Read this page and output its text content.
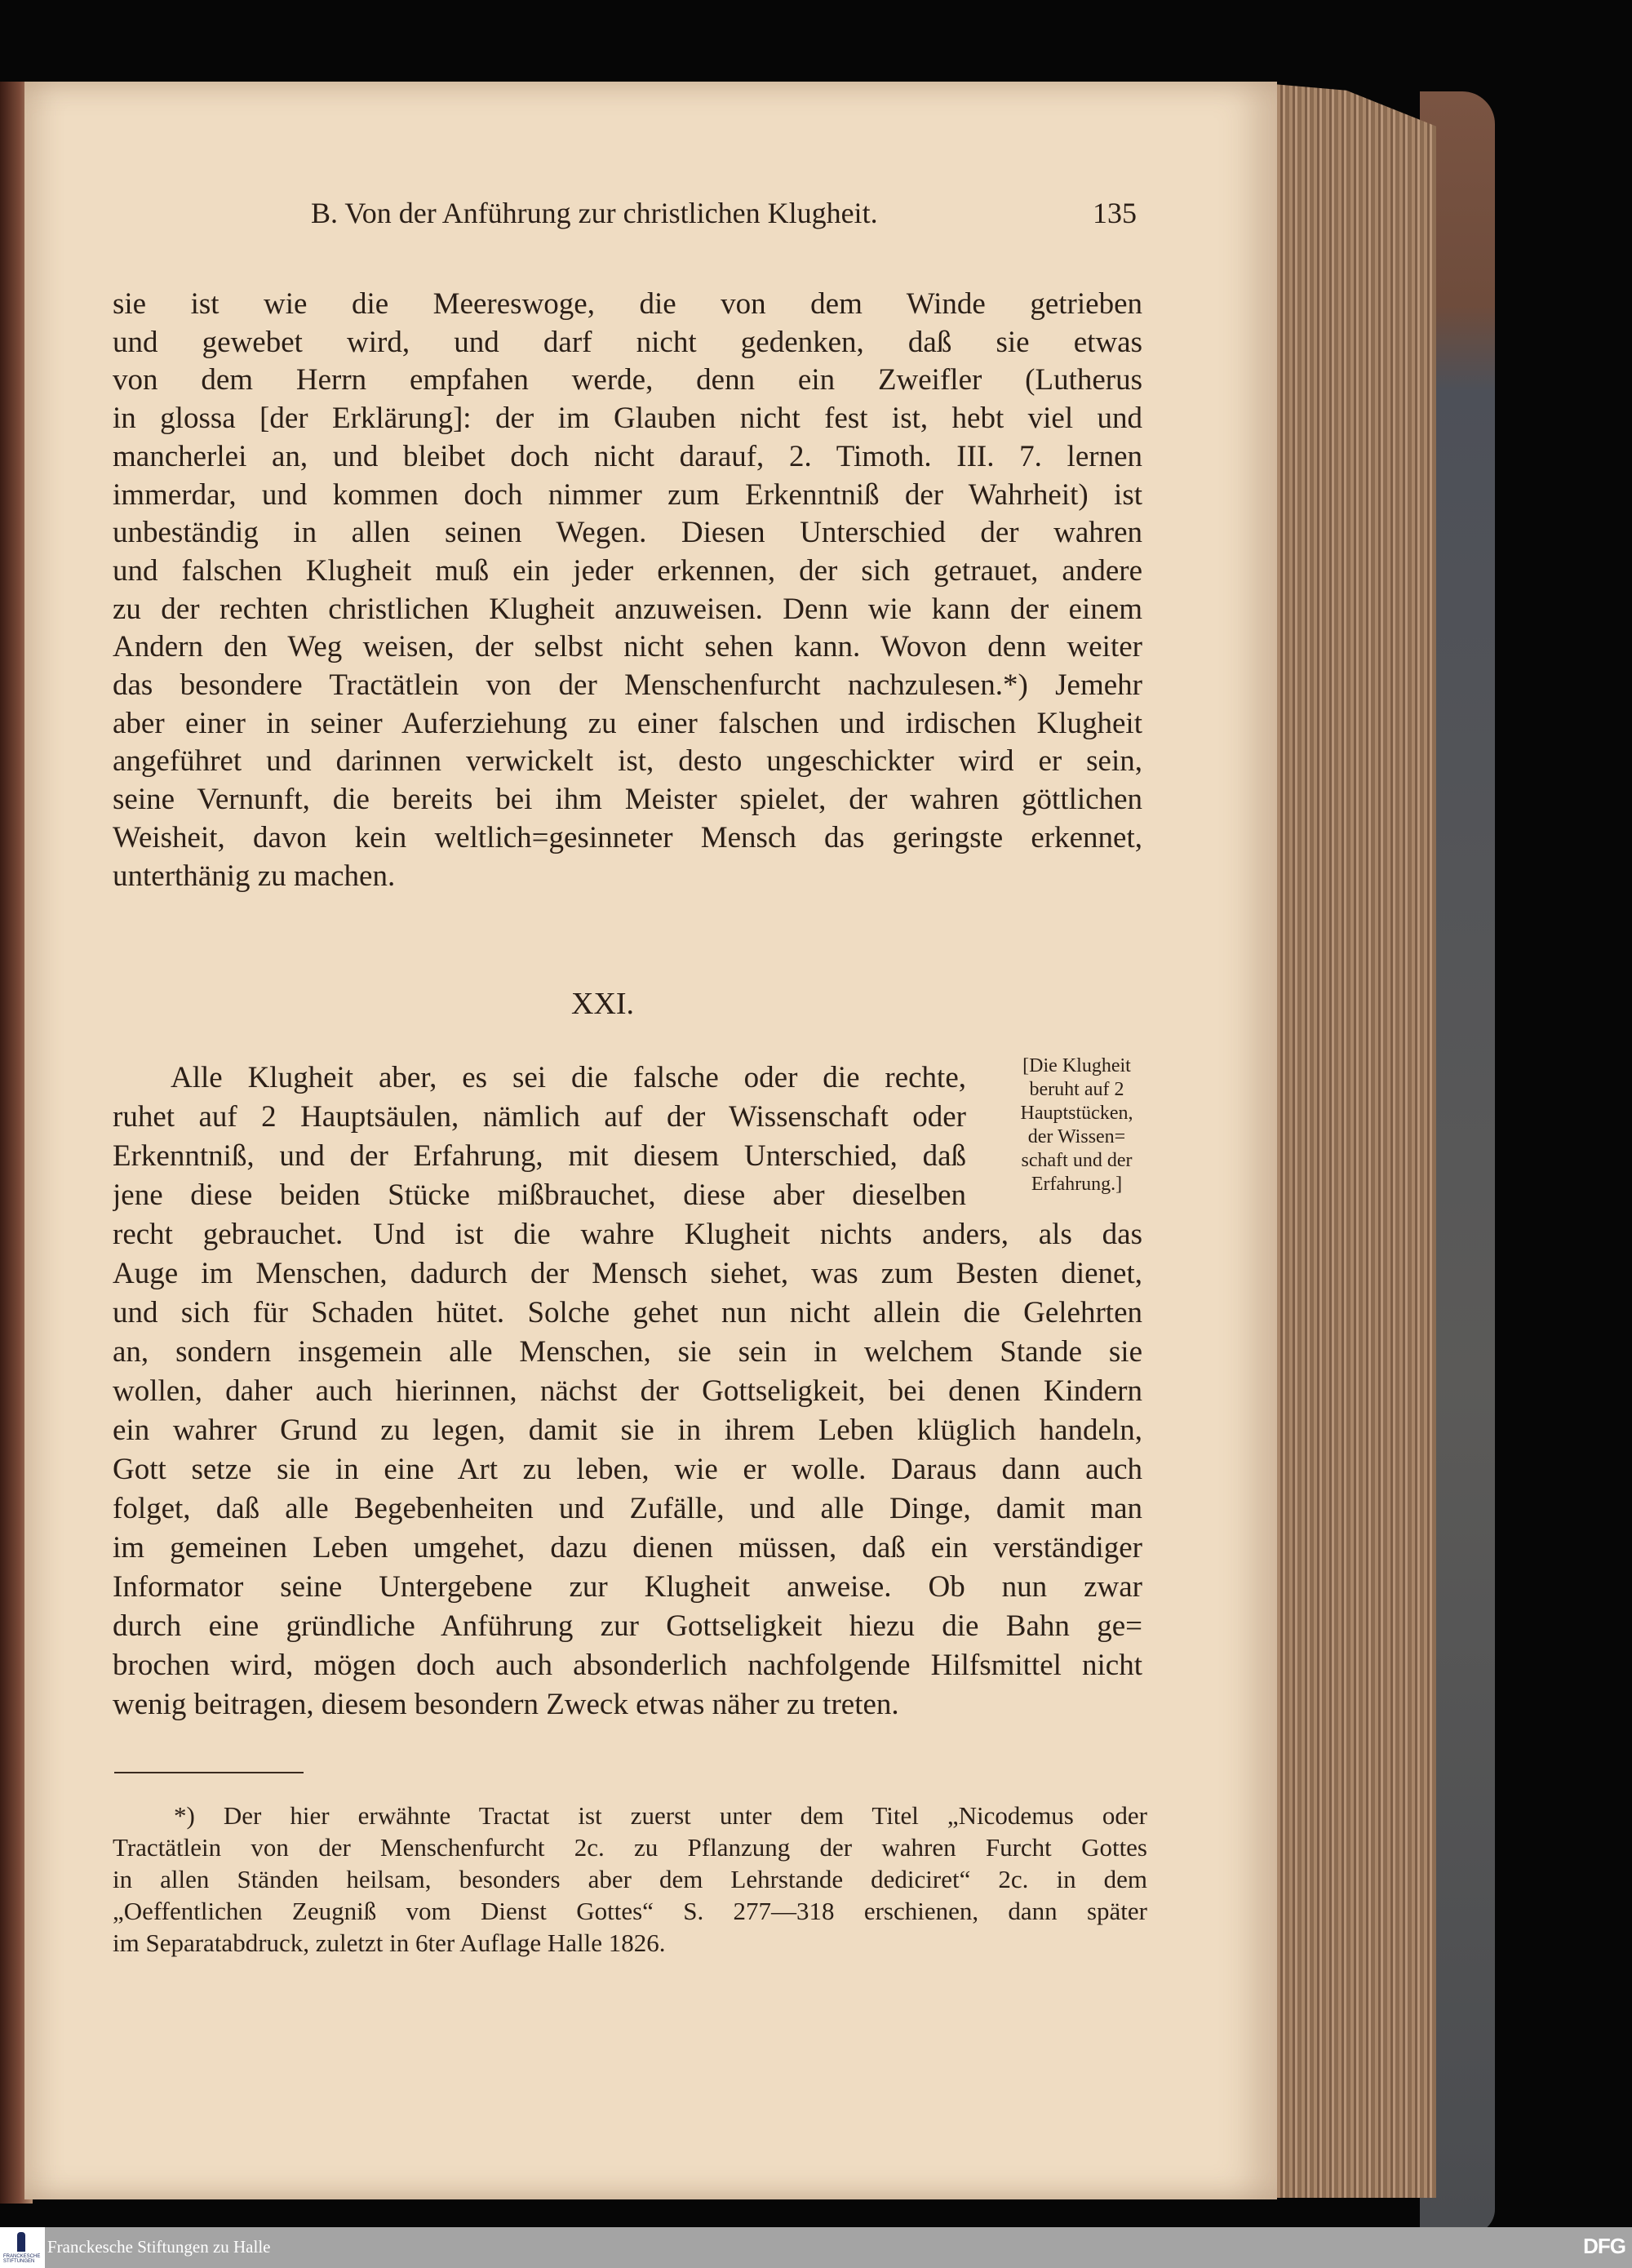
B. Von der Anführung zur christlichen Klugheit.	135
sie ist wie die Meereswoge, die von dem Winde getrieben
und gewebet wird, und darf nicht gedenken, daß sie etwas
von dem Herrn empfahen werde, denn ein Zweifler (Lutherus
in glossa [der Erklärung]: der im Glauben nicht fest ist, hebt viel und
mancherlei an, und bleibet doch nicht darauf, 2. Timoth. III. 7. lernen
immerdar, und kommen doch nimmer zum Erkenntniß der Wahrheit) ist
unbeständig in allen seinen Wegen. Diesen Unterschied der wahren
und falschen Klugheit muß ein jeder erkennen, der sich getrauet, andere
zu der rechten christlichen Klugheit anzuweisen. Denn wie kann der einem
Andern den Weg weisen, der selbst nicht sehen kann. Wovon denn weiter
das besondere Tractätlein von der Menschenfurcht nachzulesen.*) Jemehr
aber einer in seiner Auferziehung zu einer falschen und irdischen Klugheit
angeführet und darinnen verwickelt ist, desto ungeschickter wird er sein,
seine Vernunft, die bereits bei ihm Meister spielet, der wahren göttlichen
Weisheit, davon kein weltlich=gesinneter Mensch das geringste erkennet,
unterthänig zu machen.
XXI.
Alle Klugheit aber, es sei die falsche oder die rechte,
ruhet auf 2 Hauptsäulen, nämlich auf der Wissenschaft oder
Erkenntniß, und der Erfahrung, mit diesem Unterschied, daß
jene diese beiden Stücke mißbrauchet, diese aber dieselben
recht gebrauchet. Und ist die wahre Klugheit nichts anders, als das
Auge im Menschen, dadurch der Mensch siehet, was zum Besten dienet,
und sich für Schaden hütet. Solche gehet nun nicht allein die Gelehrten
an, sondern insgemein alle Menschen, sie sein in welchem Stande sie
wollen, daher auch hierinnen, nächst der Gottseligkeit, bei denen Kindern
ein wahrer Grund zu legen, damit sie in ihrem Leben klüglich handeln,
Gott setze sie in eine Art zu leben, wie er wolle. Daraus dann auch
folget, daß alle Begebenheiten und Zufälle, und alle Dinge, damit man
im gemeinen Leben umgehet, dazu dienen müssen, daß ein verständiger
Informator seine Untergebene zur Klugheit anweise. Ob nun zwar
durch eine gründliche Anführung zur Gottseligkeit hiezu die Bahn ge=
brochen wird, mögen doch auch absonderlich nachfolgende Hilfsmittel nicht
wenig beitragen, diesem besondern Zweck etwas näher zu treten.
[Die Klugheit
beruht auf 2
Hauptstücken,
der Wissen=
schaft und der
Erfahrung.]
*) Der hier erwähnte Tractat ist zuerst unter dem Titel „Nicodemus oder
Tractätlein von der Menschenfurcht 2c. zu Pflanzung der wahren Furcht Gottes
in allen Ständen heilsam, besonders aber dem Lehrstande dediciret“ 2c. in dem
„Oeffentlichen Zeugniß vom Dienst Gottes“ S. 277—318 erschienen, dann später
im Separatabdruck, zuletzt in 6ter Auflage Halle 1826.
FRANCKESCHE STIFTUNGEN
Franckesche Stiftungen zu Halle	DFG
